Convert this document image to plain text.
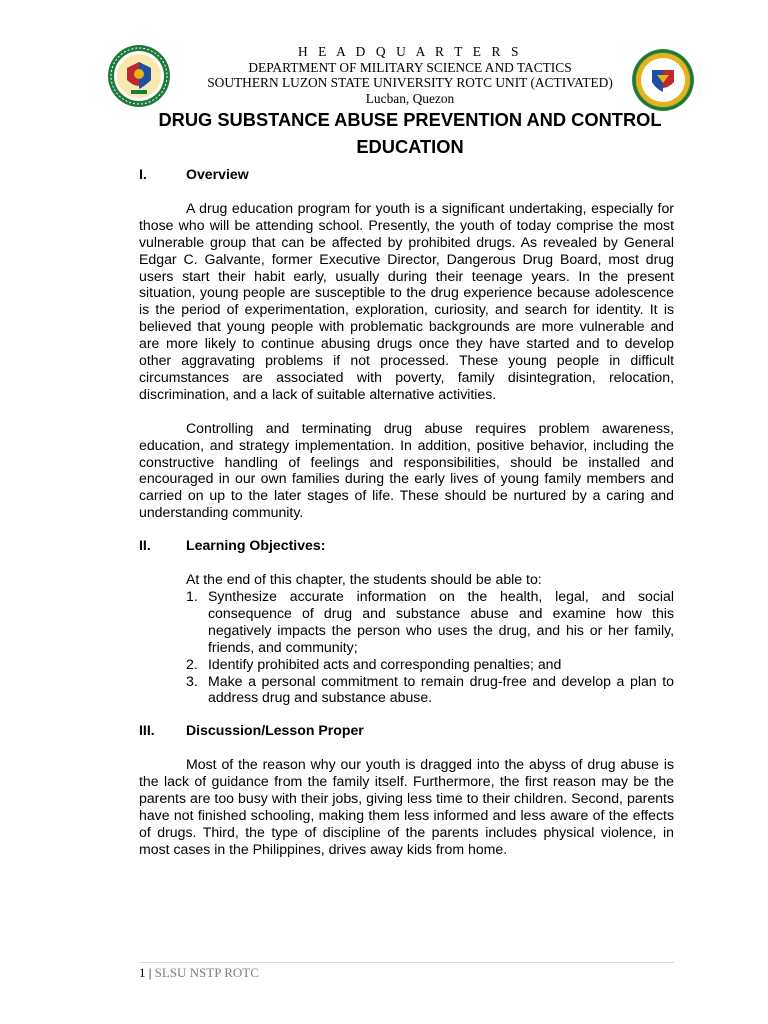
H E A D Q U A R T E R S
DEPARTMENT OF MILITARY SCIENCE AND TACTICS
SOUTHERN LUZON STATE UNIVERSITY ROTC UNIT (ACTIVATED)
Lucban, Quezon
DRUG SUBSTANCE ABUSE PREVENTION AND CONTROL EDUCATION
I.	Overview

A drug education program for youth is a significant undertaking, especially for those who will be attending school. Presently, the youth of today comprise the most vulnerable group that can be affected by prohibited drugs. As revealed by General Edgar C. Galvante, former Executive Director, Dangerous Drug Board, most drug users start their habit early, usually during their teenage years. In the present situation, young people are susceptible to the drug experience because adolescence is the period of experimentation, exploration, curiosity, and search for identity. It is believed that young people with problematic backgrounds are more vulnerable and are more likely to continue abusing drugs once they have started and to develop other aggravating problems if not processed. These young people in difficult circumstances are associated with poverty, family disintegration, relocation, discrimination, and a lack of suitable alternative activities.

Controlling and terminating drug abuse requires problem awareness, education, and strategy implementation. In addition, positive behavior, including the constructive handling of feelings and responsibilities, should be installed and encouraged in our own families during the early lives of young family members and carried on up to the later stages of life. These should be nurtured by a caring and understanding community.

II.	Learning Objectives:
At the end of this chapter, the students should be able to:
1. Synthesize accurate information on the health, legal, and social consequence of drug and substance abuse and examine how this negatively impacts the person who uses the drug, and his or her family, friends, and community;
2. Identify prohibited acts and corresponding penalties; and
3. Make a personal commitment to remain drug-free and develop a plan to address drug and substance abuse.
III.	Discussion/Lesson Proper

Most of the reason why our youth is dragged into the abyss of drug abuse is the lack of guidance from the family itself. Furthermore, the first reason may be the parents are too busy with their jobs, giving less time to their children. Second, parents have not finished schooling, making them less informed and less aware of the effects of drugs. Third, the type of discipline of the parents includes physical violence, in most cases in the Philippines, drives away kids from home.

1 | SLSU NSTP ROTC
